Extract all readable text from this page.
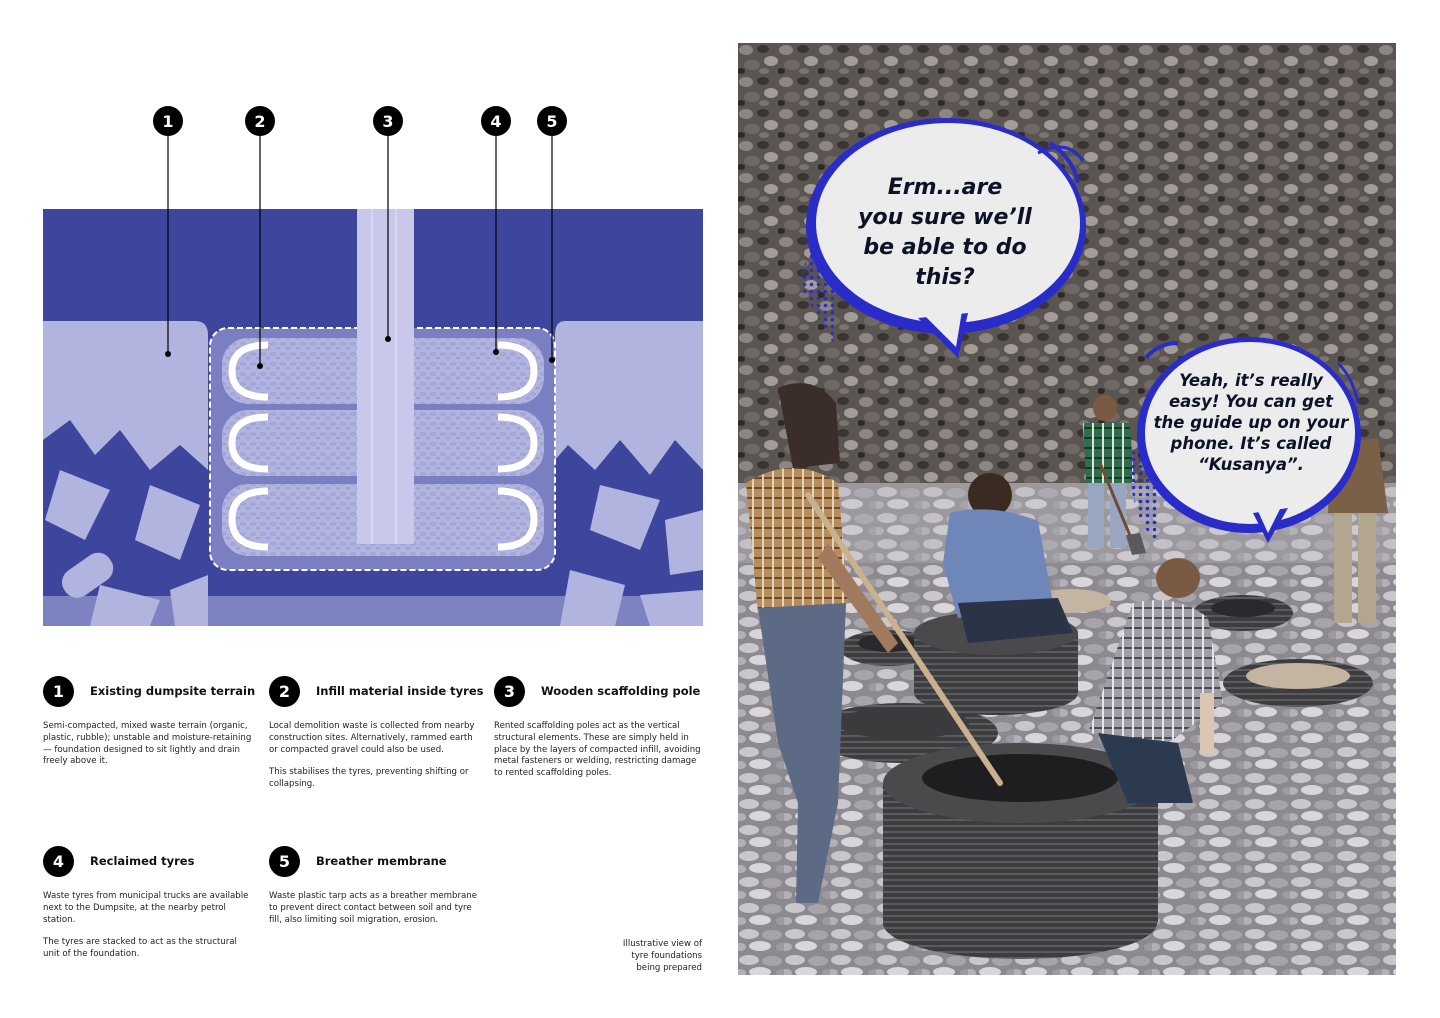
1	2	3	4	5
1	Existing dumpsite terrain

Semi-compacted, mixed waste terrain (organic, plastic, rubble); unstable and moisture-retaining — foundation designed to sit lightly and drain freely above it.

2	Infill material inside tyres

Local demolition waste is collected from nearby construction sites. Alternatively, rammed earth or compacted gravel could also be used.

This stabilises the tyres, preventing shifting or collapsing.

3	Wooden scaffolding pole

Rented scaffolding poles act as the vertical structural elements. These are simply held in place by the layers of compacted infill, avoiding metal fasteners or welding, restricting damage to rented scaffolding poles.

4	Reclaimed tyres

Waste tyres from municipal trucks are available next to the Dumpsite, at the nearby petrol station.

The tyres are stacked to act as the structural unit of the foundation.

5	Breather membrane

Waste plastic tarp acts as a breather membrane to prevent direct contact between soil and tyre fill, also limiting soil migration, erosion.

Illustrative view of
tyre foundations
being prepared
Erm...are
you sure we’ll
be able to do
this?
Yeah, it’s really
easy! You can get
the guide up on your
phone. It’s called
“Kusanya”.
